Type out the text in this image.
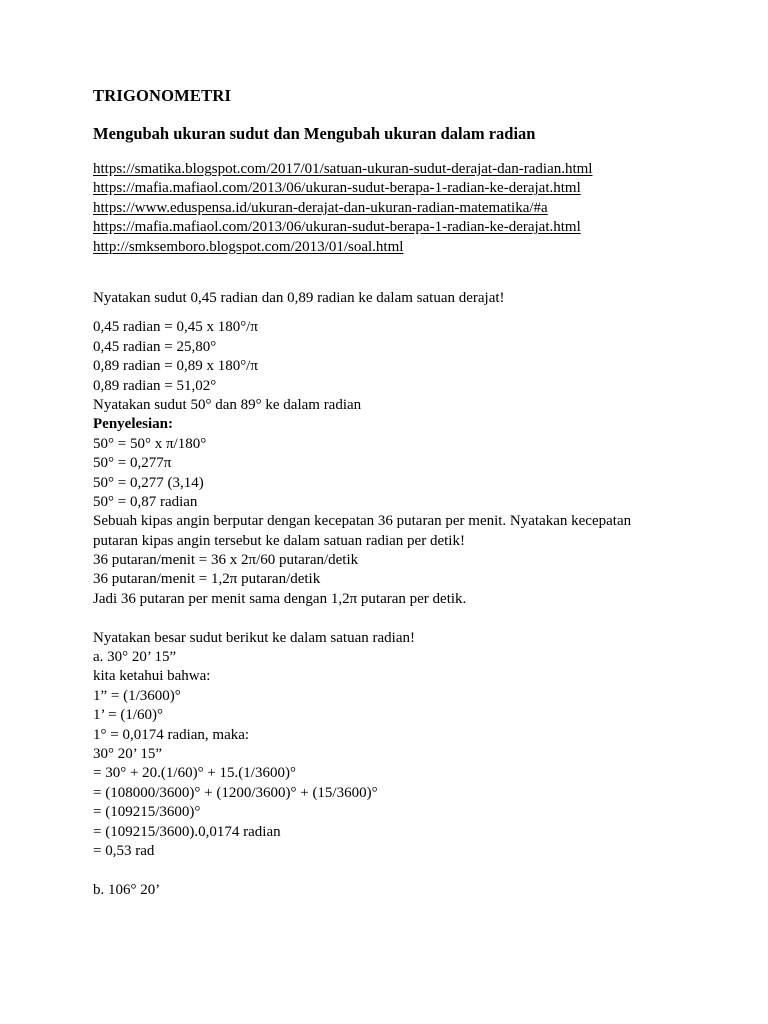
TRIGONOMETRI
Mengubah ukuran sudut dan Mengubah ukuran dalam radian
https://smatika.blogspot.com/2017/01/satuan-ukuran-sudut-derajat-dan-radian.html
https://mafia.mafiaol.com/2013/06/ukuran-sudut-berapa-1-radian-ke-derajat.html
https://www.eduspensa.id/ukuran-derajat-dan-ukuran-radian-matematika/#a
https://mafia.mafiaol.com/2013/06/ukuran-sudut-berapa-1-radian-ke-derajat.html
http://smksemboro.blogspot.com/2013/01/soal.html
Nyatakan sudut 0,45 radian dan 0,89 radian ke dalam satuan derajat!
0,45 radian = 0,45 x 180°/π
0,45 radian = 25,80°
0,89 radian = 0,89 x 180°/π
0,89 radian = 51,02°
Nyatakan sudut 50° dan 89° ke dalam radian
Penyelesian:
50° = 50° x π/180°
50° = 0,277π
50° = 0,277 (3,14)
50° = 0,87 radian
Sebuah kipas angin berputar dengan kecepatan 36 putaran per menit. Nyatakan kecepatan
putaran kipas angin tersebut ke dalam satuan radian per detik!
36 putaran/menit = 36 x 2π/60 putaran/detik
36 putaran/menit = 1,2π putaran/detik
Jadi 36 putaran per menit sama dengan 1,2π putaran per detik.
Nyatakan besar sudut berikut ke dalam satuan radian!
a. 30° 20’ 15”
kita ketahui bahwa:
1” = (1/3600)°
1’ = (1/60)°
1° = 0,0174 radian, maka:
30° 20’ 15”
= 30° + 20.(1/60)° + 15.(1/3600)°
= (108000/3600)° + (1200/3600)° + (15/3600)°
= (109215/3600)°
= (109215/3600).0,0174 radian
= 0,53 rad
b. 106° 20’
